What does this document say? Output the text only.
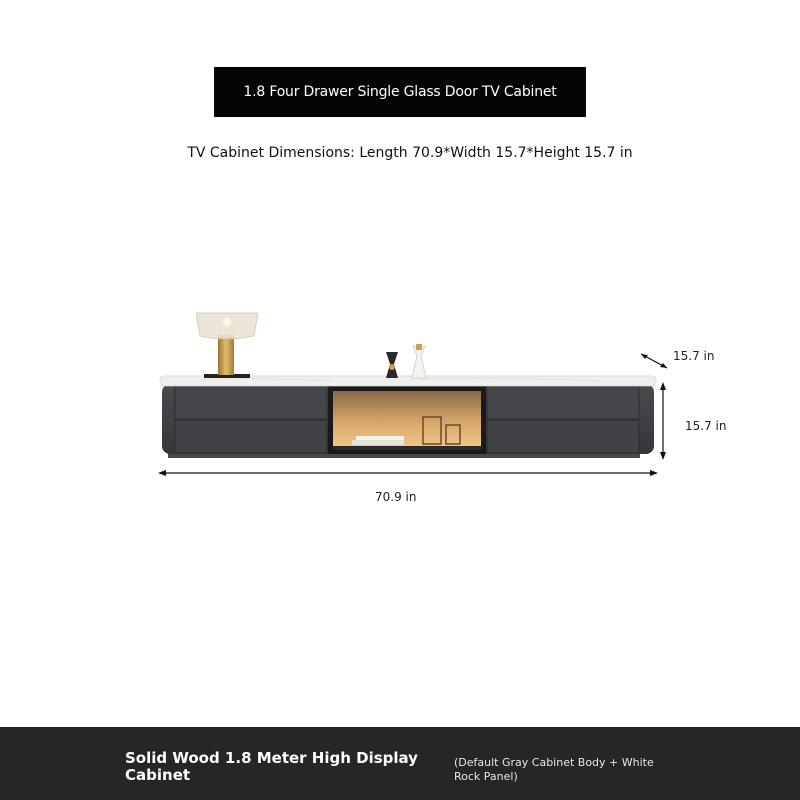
1.8 Four Drawer Single Glass Door TV Cabinet
TV Cabinet Dimensions: Length 70.9*Width 15.7*Height 15.7 in
15.7 in
15.7 in
70.9 in
Solid Wood 1.8 Meter High Display Cabinet
(Default Gray Cabinet Body + White Rock Panel)
